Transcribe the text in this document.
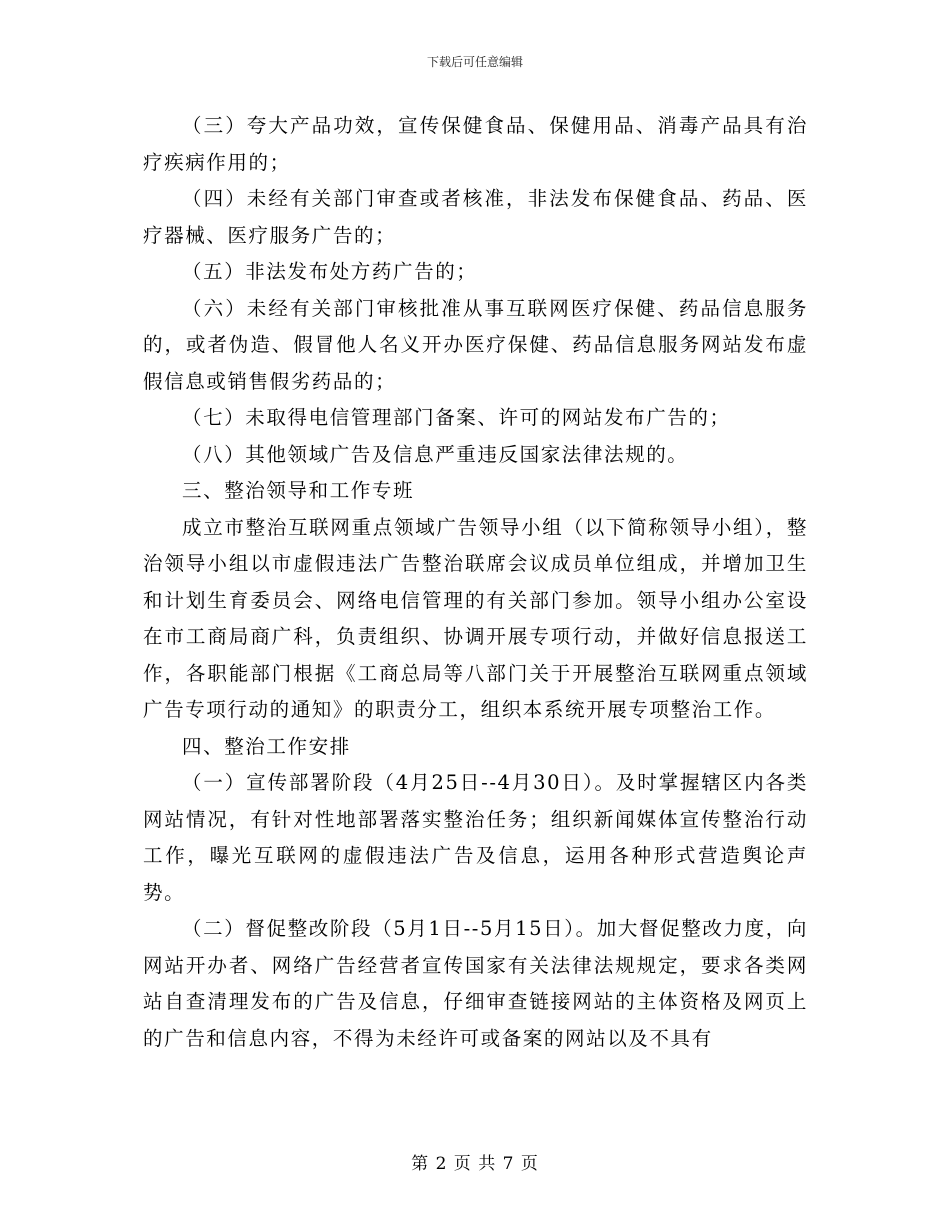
下载后可任意编辑

（三）夸大产品功效，宣传保健食品、保健用品、消毒产品具有治疗疾病作用的；

（四）未经有关部门审查或者核准，非法发布保健食品、药品、医疗器械、医疗服务广告的；

（五）非法发布处方药广告的；

（六）未经有关部门审核批准从事互联网医疗保健、药品信息服务的，或者伪造、假冒他人名义开办医疗保健、药品信息服务网站发布虚假信息或销售假劣药品的；

（七）未取得电信管理部门备案、许可的网站发布广告的；

（八）其他领域广告及信息严重违反国家法律法规的。

三、整治领导和工作专班

成立市整治互联网重点领域广告领导小组（以下简称领导小组），整治领导小组以市虚假违法广告整治联席会议成员单位组成，并增加卫生和计划生育委员会、网络电信管理的有关部门参加。领导小组办公室设在市工商局商广科，负责组织、协调开展专项行动，并做好信息报送工作，各职能部门根据《工商总局等八部门关于开展整治互联网重点领域广告专项行动的通知》的职责分工，组织本系统开展专项整治工作。

四、整治工作安排

（一）宣传部署阶段（4月25日--4月30日）。及时掌握辖区内各类网站情况，有针对性地部署落实整治任务；组织新闻媒体宣传整治行动工作，曝光互联网的虚假违法广告及信息，运用各种形式营造舆论声势。

（二）督促整改阶段（5月1日--5月15日）。加大督促整改力度，向网站开办者、网络广告经营者宣传国家有关法律法规规定，要求各类网站自查清理发布的广告及信息，仔细审查链接网站的主体资格及网页上的广告和信息内容，不得为未经许可或备案的网站以及不具有

第 2 页 共 7 页
